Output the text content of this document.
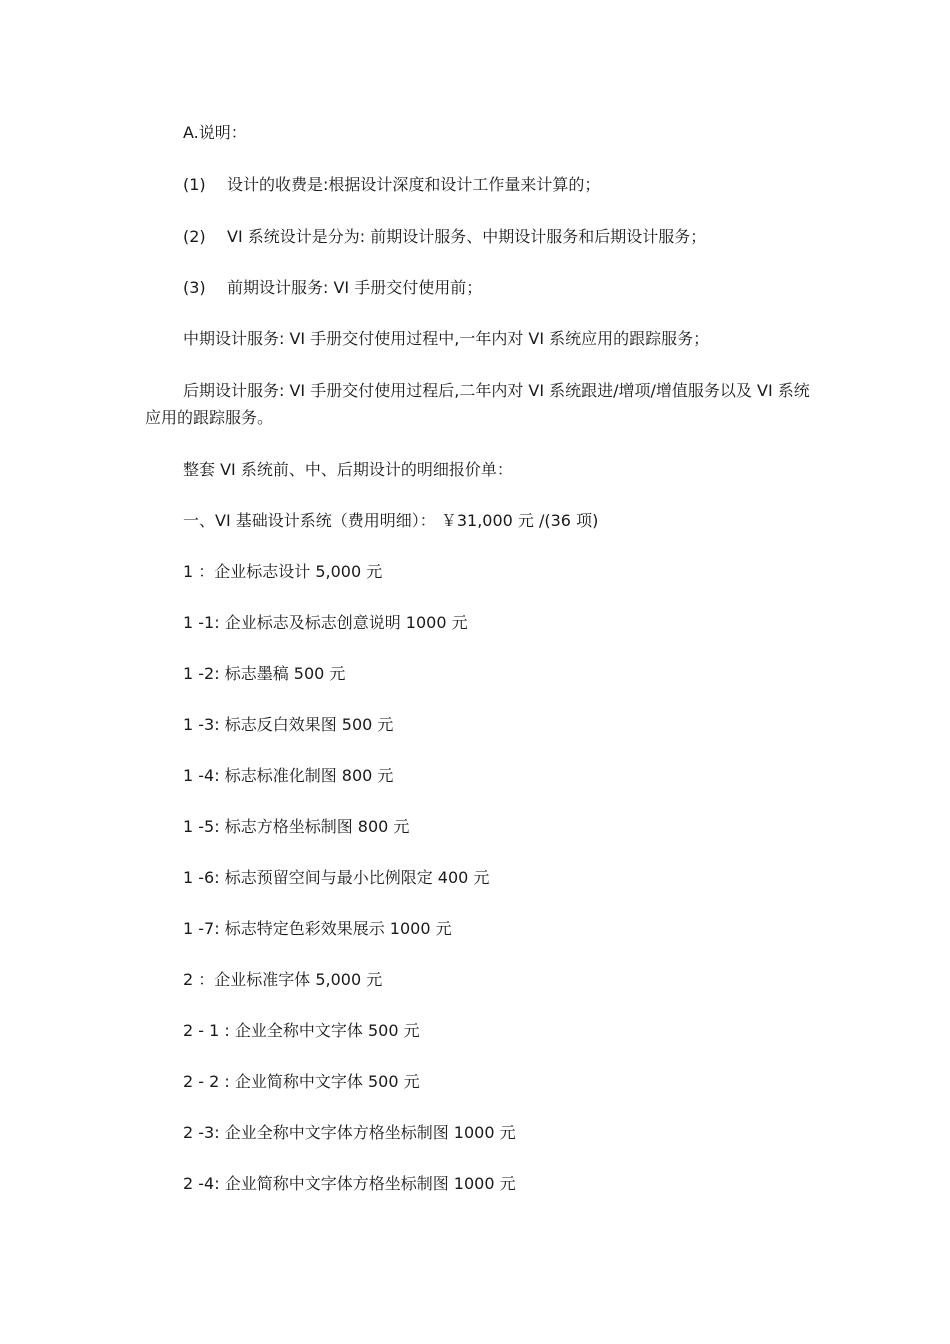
A.说明：
(1) 设计的收费是:根据设计深度和设计工作量来计算的；
(2) VI 系统设计是分为: 前期设计服务、中期设计服务和后期设计服务；
(3) 前期设计服务: VI 手册交付使用前；
中期设计服务: VI 手册交付使用过程中,一年内对 VI 系统应用的跟踪服务；
后期设计服务: VI 手册交付使用过程后,二年内对 VI 系统跟进/增项/增值服务以及 VI 系统应用的跟踪服务。
整套 VI 系统前、中、后期设计的明细报价单：
一、VI 基础设计系统（费用明细）： ￥31,000 元 /(36 项)
1 ：企业标志设计 5,000 元
1 -1: 企业标志及标志创意说明 1000 元
1 -2: 标志墨稿 500 元
1 -3: 标志反白效果图 500 元
1 -4: 标志标准化制图 800 元
1 -5: 标志方格坐标制图 800 元
1 -6: 标志预留空间与最小比例限定 400 元
1 -7: 标志特定色彩效果展示 1000 元
2 ：企业标准字体 5,000 元
2 - 1 : 企业全称中文字体 500 元
2 - 2 : 企业简称中文字体 500 元
2 -3: 企业全称中文字体方格坐标制图 1000 元
2 -4: 企业简称中文字体方格坐标制图 1000 元
